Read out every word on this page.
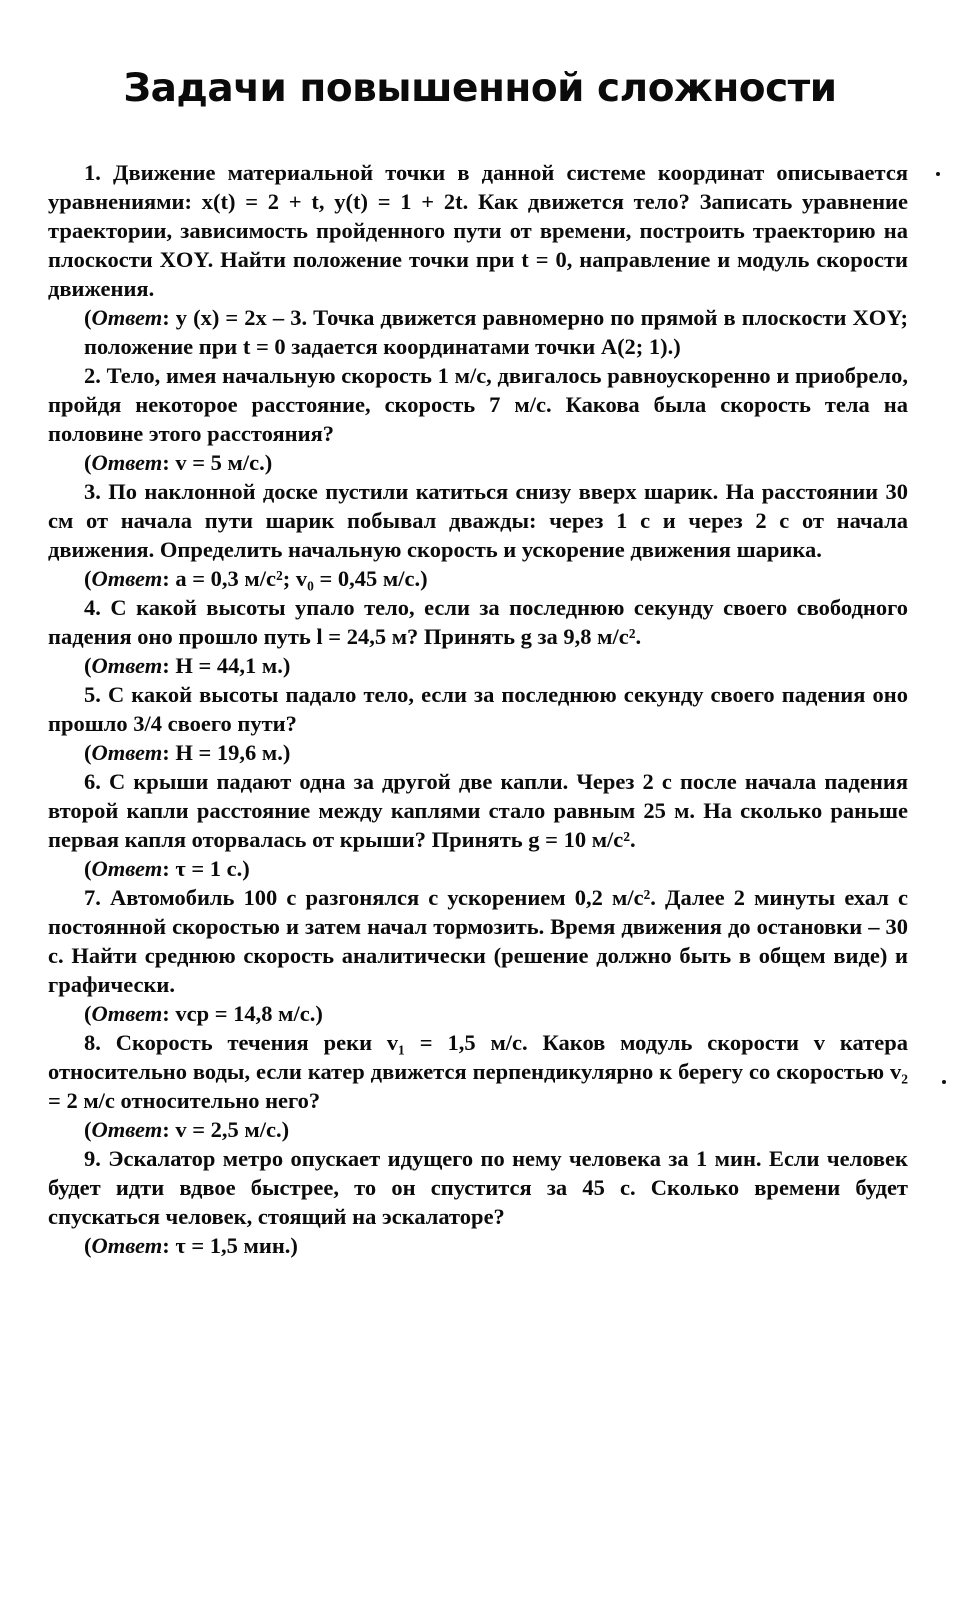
Задачи повышенной сложности
1. Движение материальной точки в данной системе координат описывается уравнениями: x(t) = 2 + t, y(t) = 1 + 2t. Как движется тело? Записать уравнение траектории, зависимость пройденного пути от времени, построить траекторию на плоскости XOY. Найти положение точки при t = 0, направление и модуль скорости движения.
(Ответ: y (x) = 2x – 3. Точка движется равномерно по прямой в плоскости XOY; положение при t = 0 задается координатами точки A(2; 1).)
2. Тело, имея начальную скорость 1 м/с, двигалось равноускоренно и приобрело, пройдя некоторое расстояние, скорость 7 м/с. Какова была скорость тела на половине этого расстояния?
(Ответ: v = 5 м/с.)
3. По наклонной доске пустили катиться снизу вверх шарик. На расстоянии 30 см от начала пути шарик побывал дважды: через 1 с и через 2 с от начала движения. Определить начальную скорость и ускорение движения шарика.
(Ответ: a = 0,3 м/с²; v₀ = 0,45 м/с.)
4. С какой высоты упало тело, если за последнюю секунду своего свободного падения оно прошло путь l = 24,5 м? Принять g за 9,8 м/с².
(Ответ: H = 44,1 м.)
5. С какой высоты падало тело, если за последнюю секунду своего падения оно прошло 3/4 своего пути?
(Ответ: H = 19,6 м.)
6. С крыши падают одна за другой две капли. Через 2 с после начала падения второй капли расстояние между каплями стало равным 25 м. На сколько раньше первая капля оторвалась от крыши? Принять g = 10 м/с².
(Ответ: τ = 1 с.)
7. Автомобиль 100 с разгонялся с ускорением 0,2 м/с². Далее 2 минуты ехал с постоянной скоростью и затем начал тормозить. Время движения до остановки – 30 с. Найти среднюю скорость аналитически (решение должно быть в общем виде) и графически.
(Ответ: vср = 14,8 м/с.)
8. Скорость течения реки v₁ = 1,5 м/с. Каков модуль скорости v катера относительно воды, если катер движется перпендикулярно к берегу со скоростью v₂ = 2 м/с относительно него?
(Ответ: v = 2,5 м/с.)
9. Эскалатор метро опускает идущего по нему человека за 1 мин. Если человек будет идти вдвое быстрее, то он спустится за 45 с. Сколько времени будет спускаться человек, стоящий на эскалаторе?
(Ответ: τ = 1,5 мин.)
